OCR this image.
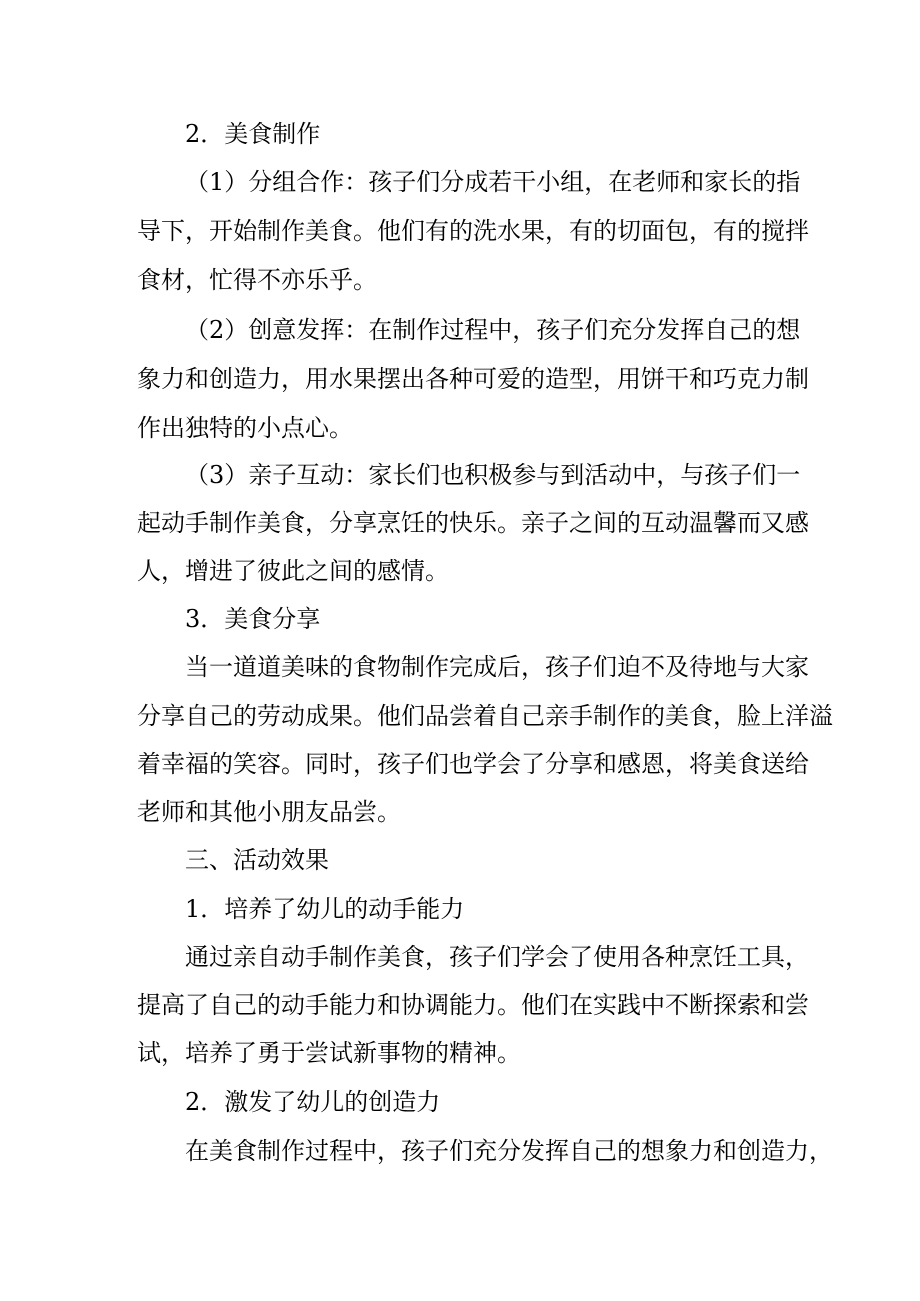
2．美食制作
（1）分组合作：孩子们分成若干小组，在老师和家长的指
导下，开始制作美食。他们有的洗水果，有的切面包，有的搅拌
食材，忙得不亦乐乎。
（2）创意发挥：在制作过程中，孩子们充分发挥自己的想
象力和创造力，用水果摆出各种可爱的造型，用饼干和巧克力制
作出独特的小点心。
（3）亲子互动：家长们也积极参与到活动中，与孩子们一
起动手制作美食，分享烹饪的快乐。亲子之间的互动温馨而又感
人，增进了彼此之间的感情。
3．美食分享
当一道道美味的食物制作完成后，孩子们迫不及待地与大家
分享自己的劳动成果。他们品尝着自己亲手制作的美食，脸上洋溢
着幸福的笑容。同时，孩子们也学会了分享和感恩，将美食送给
老师和其他小朋友品尝。
三、活动效果
1．培养了幼儿的动手能力
通过亲自动手制作美食，孩子们学会了使用各种烹饪工具，
提高了自己的动手能力和协调能力。他们在实践中不断探索和尝
试，培养了勇于尝试新事物的精神。
2．激发了幼儿的创造力
在美食制作过程中，孩子们充分发挥自己的想象力和创造力，
